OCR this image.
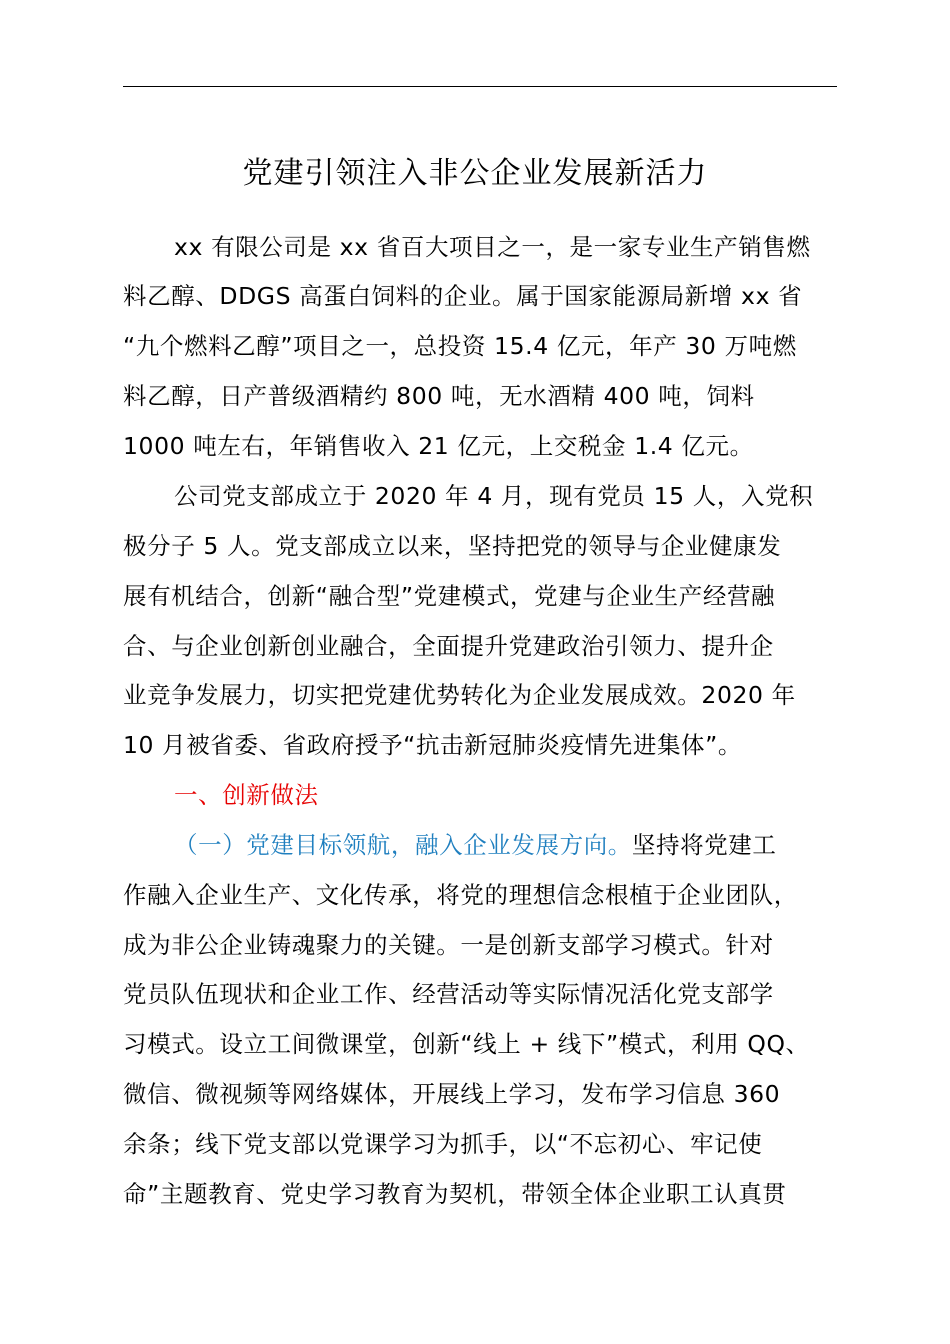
党建引领注入非公企业发展新活力
xx 有限公司是 xx 省百大项目之一，是一家专业生产销售燃
料乙醇、DDGS 高蛋白饲料的企业。属于国家能源局新增 xx 省
“九个燃料乙醇”项目之一，总投资 15.4 亿元，年产 30 万吨燃
料乙醇，日产普级酒精约 800 吨，无水酒精 400 吨，饲料
1000 吨左右，年销售收入 21 亿元，上交税金 1.4 亿元。
公司党支部成立于 2020 年 4 月，现有党员 15 人，入党积
极分子 5 人。党支部成立以来，坚持把党的领导与企业健康发
展有机结合，创新“融合型”党建模式，党建与企业生产经营融
合、与企业创新创业融合，全面提升党建政治引领力、提升企
业竞争发展力，切实把党建优势转化为企业发展成效。2020 年
10 月被省委、省政府授予“抗击新冠肺炎疫情先进集体”。
一、创新做法
（一）党建目标领航，融入企业发展方向。坚持将党建工
作融入企业生产、文化传承，将党的理想信念根植于企业团队，
成为非公企业铸魂聚力的关键。一是创新支部学习模式。针对
党员队伍现状和企业工作、经营活动等实际情况活化党支部学
习模式。设立工间微课堂，创新“线上 + 线下”模式，利用 QQ、
微信、微视频等网络媒体，开展线上学习，发布学习信息 360
余条；线下党支部以党课学习为抓手，以“不忘初心、牢记使
命”主题教育、党史学习教育为契机，带领全体企业职工认真贯
